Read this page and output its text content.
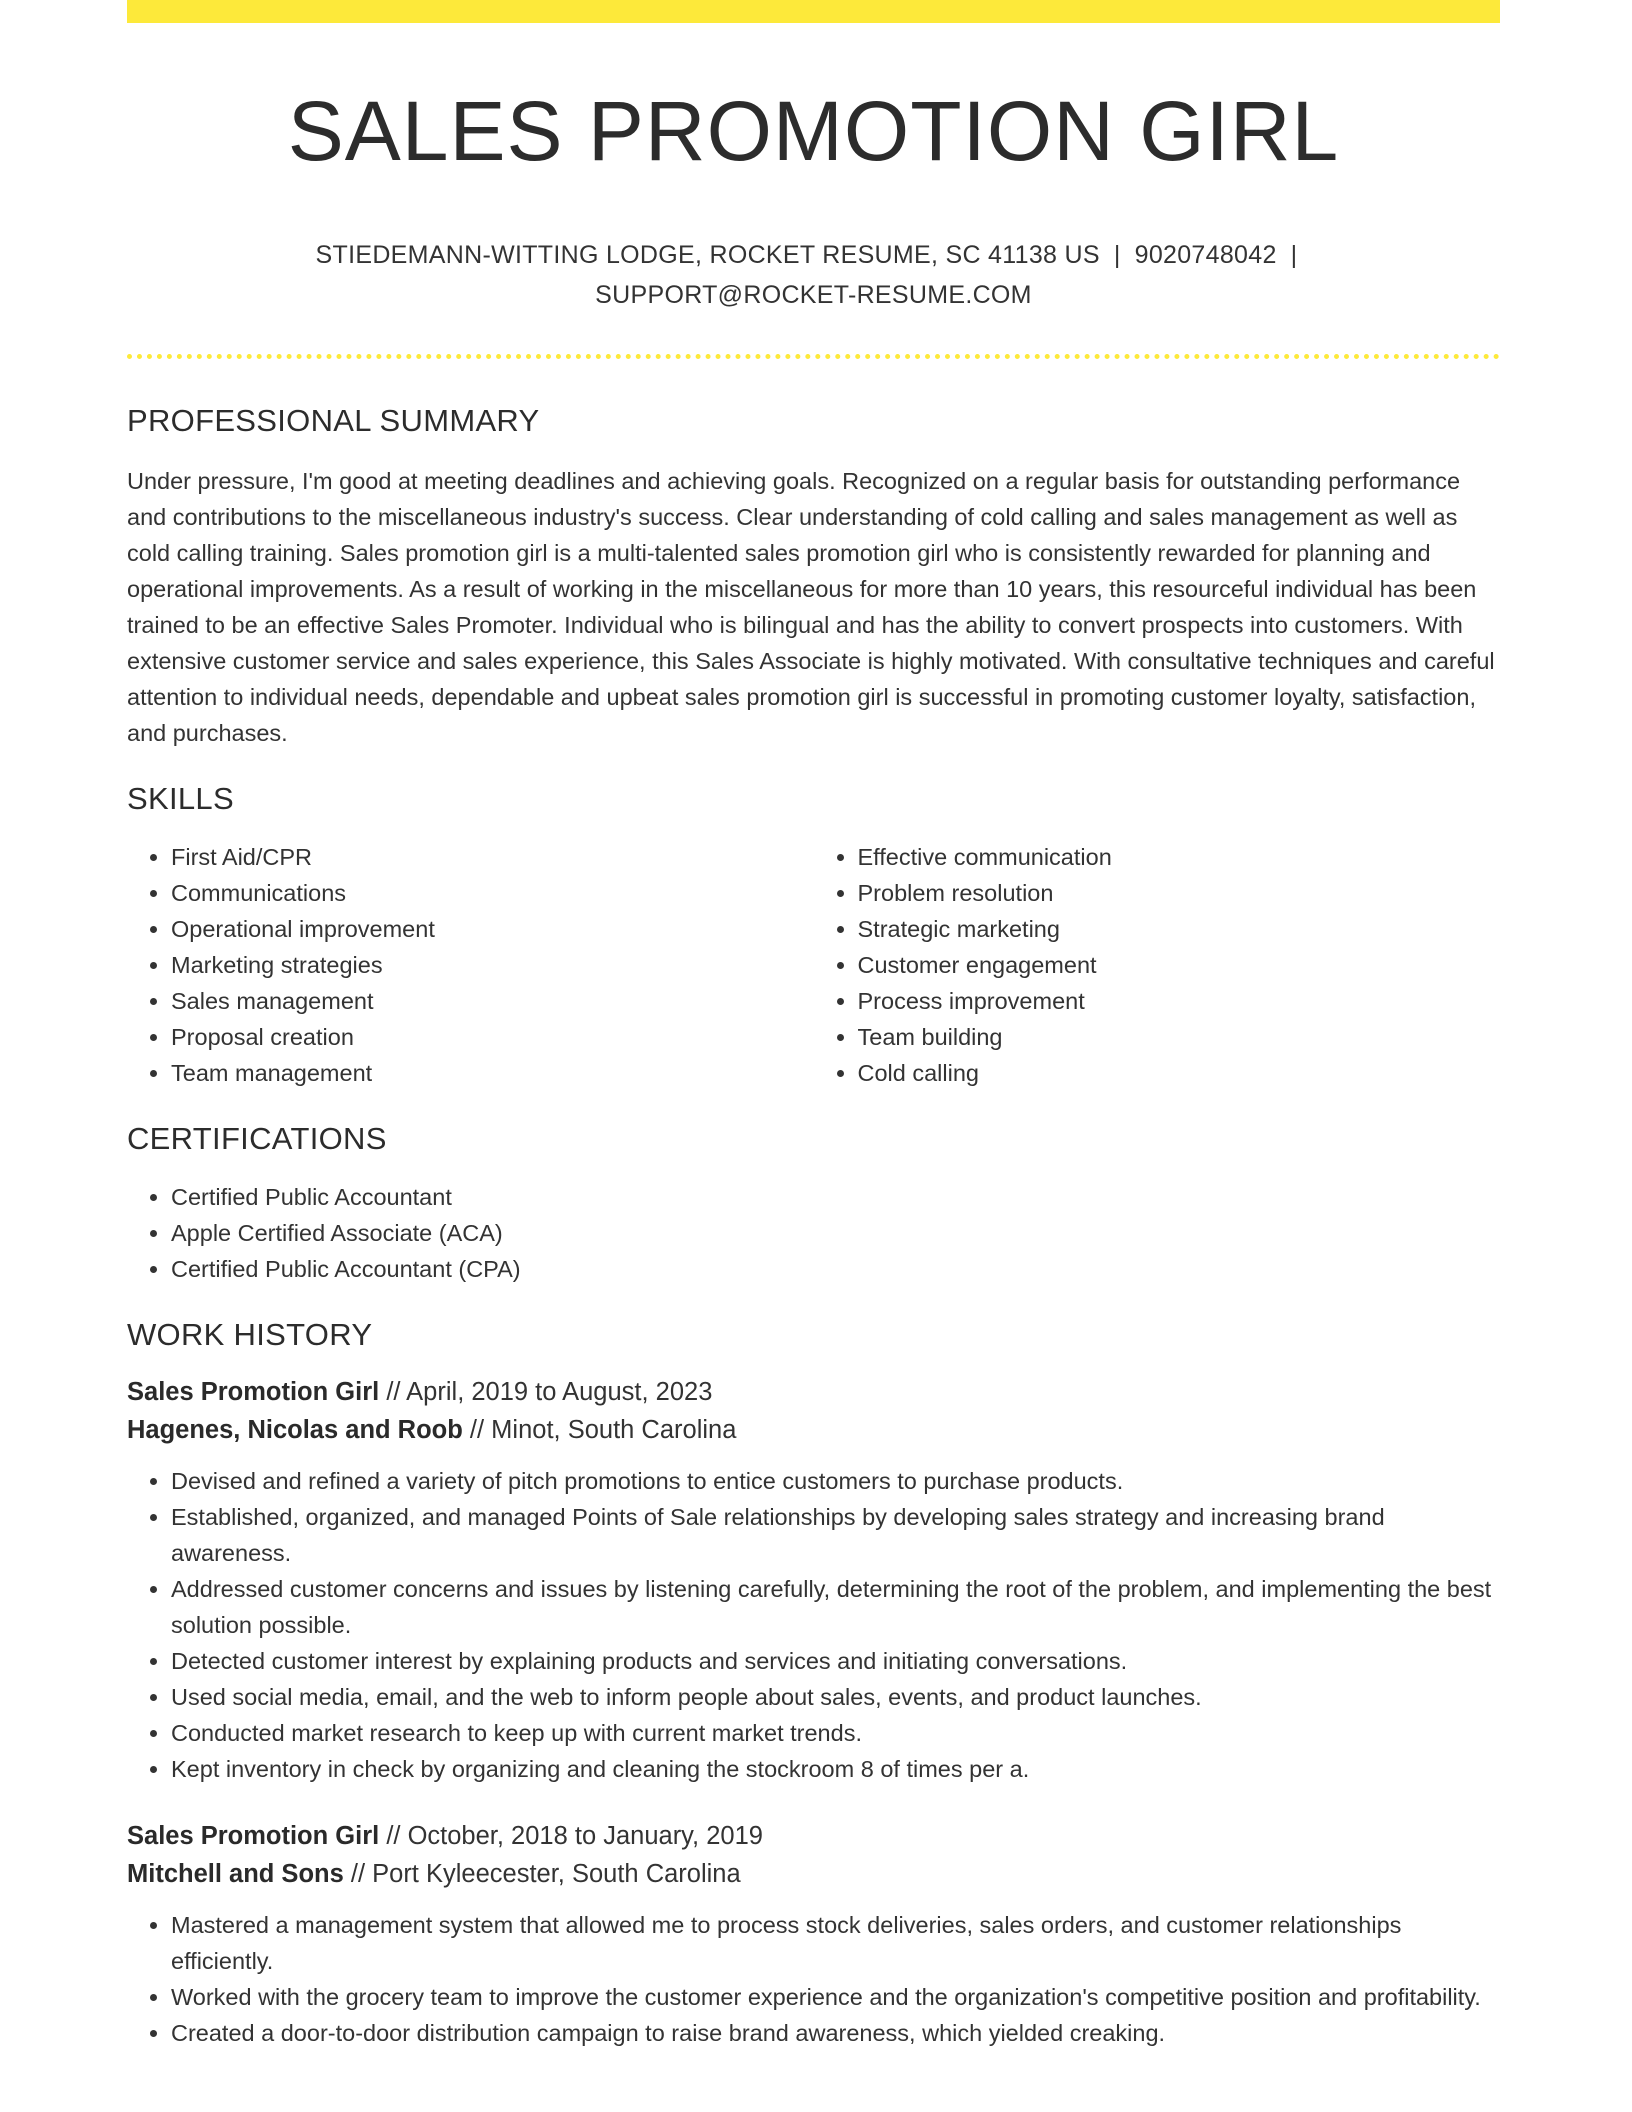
SALES PROMOTION GIRL
STIEDEMANN-WITTING LODGE, ROCKET RESUME, SC 41138 US | 9020748042 |
SUPPORT@ROCKET-RESUME.COM
PROFESSIONAL SUMMARY

Under pressure, I'm good at meeting deadlines and achieving goals. Recognized on a regular basis for outstanding performance and contributions to the miscellaneous industry's success. Clear understanding of cold calling and sales management as well as cold calling training. Sales promotion girl is a multi-talented sales promotion girl who is consistently rewarded for planning and operational improvements. As a result of working in the miscellaneous for more than 10 years, this resourceful individual has been trained to be an effective Sales Promoter. Individual who is bilingual and has the ability to convert prospects into customers. With extensive customer service and sales experience, this Sales Associate is highly motivated. With consultative techniques and careful attention to individual needs, dependable and upbeat sales promotion girl is successful in promoting customer loyalty, satisfaction, and purchases.

SKILLS
• First Aid/CPR
• Communications
• Operational improvement
• Marketing strategies
• Sales management
• Proposal creation
• Team management
• Effective communication
• Problem resolution
• Strategic marketing
• Customer engagement
• Process improvement
• Team building
• Cold calling
CERTIFICATIONS
• Certified Public Accountant
• Apple Certified Associate (ACA)
• Certified Public Accountant (CPA)
WORK HISTORY
Sales Promotion Girl // April, 2019 to August, 2023
Hagenes, Nicolas and Roob // Minot, South Carolina
• Devised and refined a variety of pitch promotions to entice customers to purchase products.
• Established, organized, and managed Points of Sale relationships by developing sales strategy and increasing brand awareness.
• Addressed customer concerns and issues by listening carefully, determining the root of the problem, and implementing the best solution possible.
• Detected customer interest by explaining products and services and initiating conversations.
• Used social media, email, and the web to inform people about sales, events, and product launches.
• Conducted market research to keep up with current market trends.
• Kept inventory in check by organizing and cleaning the stockroom 8 of times per a.
Sales Promotion Girl // October, 2018 to January, 2019
Mitchell and Sons // Port Kyleecester, South Carolina
• Mastered a management system that allowed me to process stock deliveries, sales orders, and customer relationships efficiently.
• Worked with the grocery team to improve the customer experience and the organization's competitive position and profitability.
• Created a door-to-door distribution campaign to raise brand awareness, which yielded creaking.
